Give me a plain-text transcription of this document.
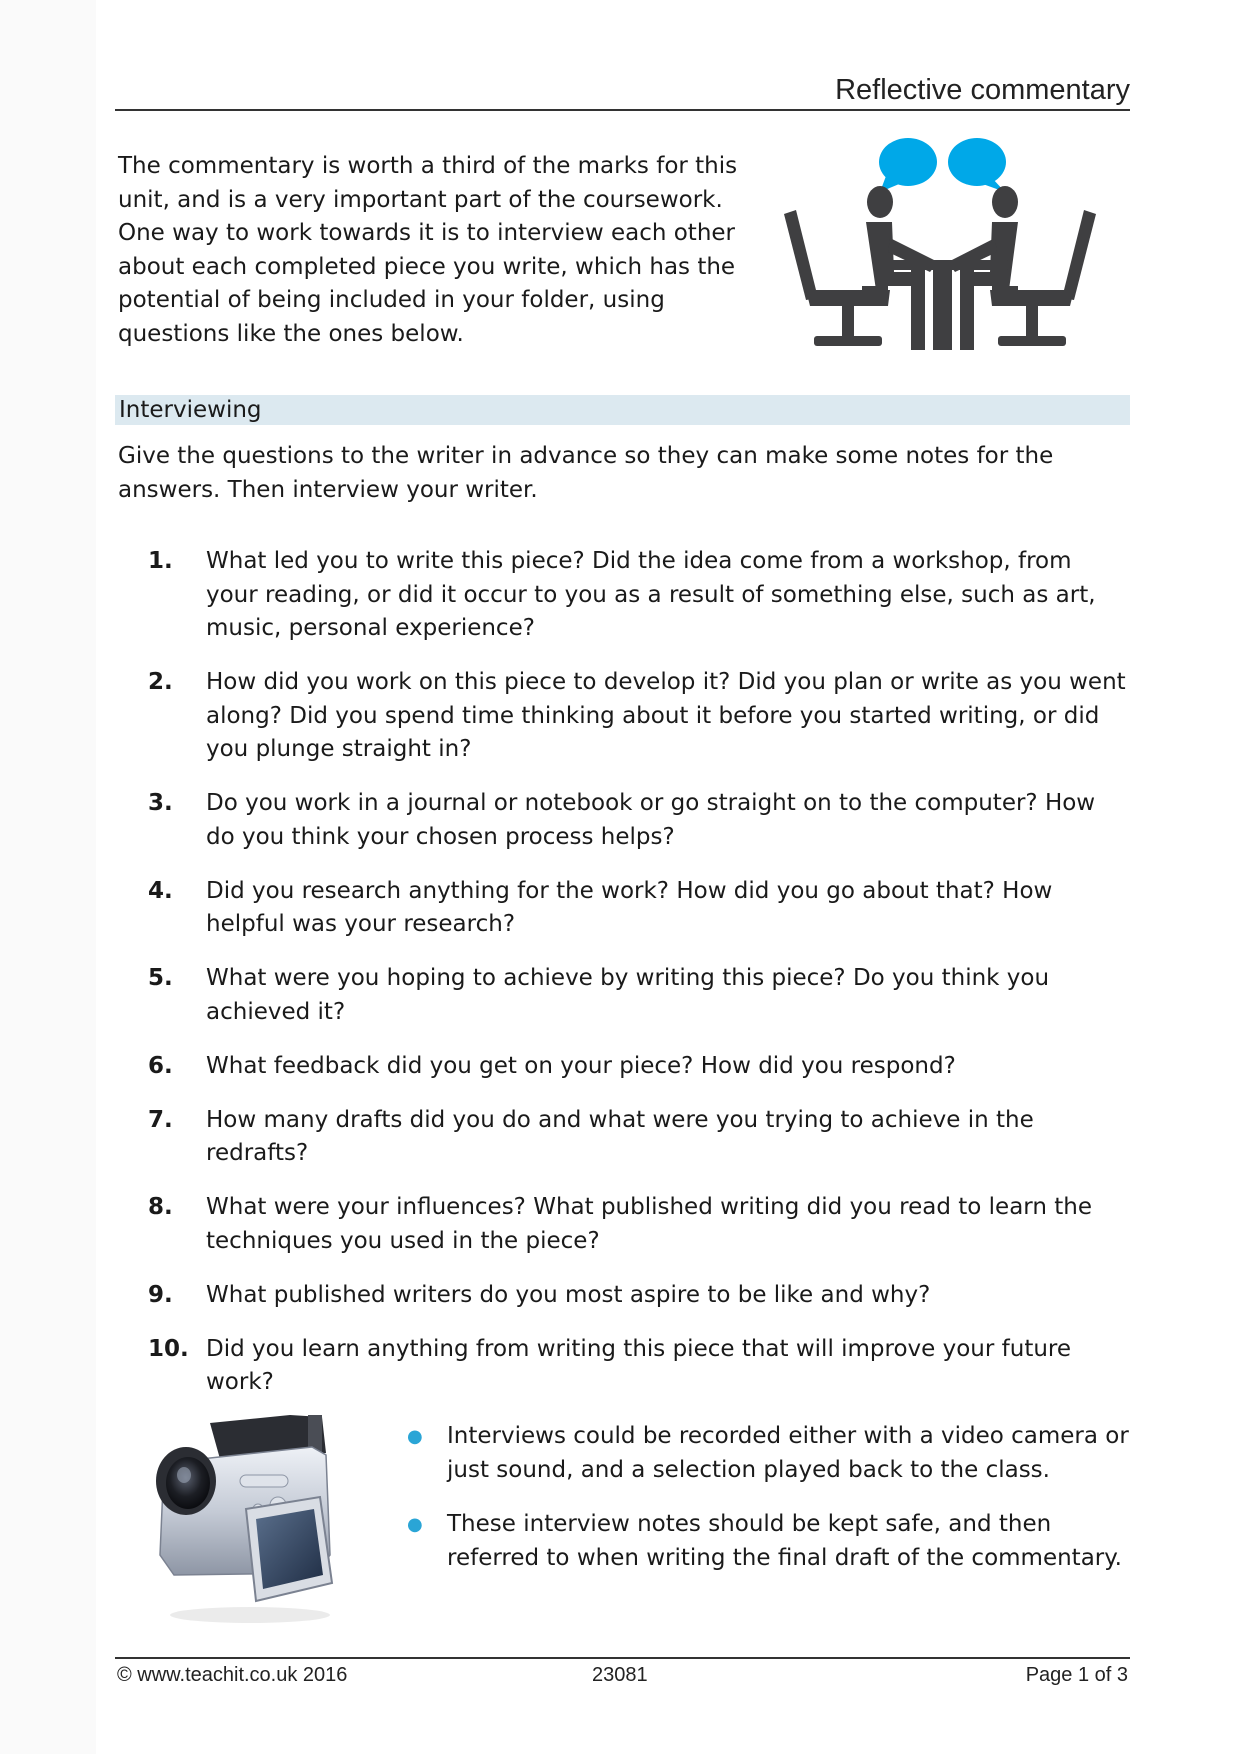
Reflective commentary
The commentary is worth a third of the marks for this unit, and is a very important part of the coursework. One way to work towards it is to interview each other about each completed piece you write, which has the potential of being included in your folder, using questions like the ones below.
Interviewing
Give the questions to the writer in advance so they can make some notes for the answers. Then interview your writer.
1.	What led you to write this piece? Did the idea come from a workshop, from your reading, or did it occur to you as a result of something else, such as art, music, personal experience?
2.	How did you work on this piece to develop it? Did you plan or write as you went along? Did you spend time thinking about it before you started writing, or did you plunge straight in?
3.	Do you work in a journal or notebook or go straight on to the computer? How do you think your chosen process helps?
4.	Did you research anything for the work? How did you go about that? How helpful was your research?
5.	What were you hoping to achieve by writing this piece? Do you think you achieved it?
6.	What feedback did you get on your piece? How did you respond?
7.	How many drafts did you do and what were you trying to achieve in the redrafts?
8.	What were your influences? What published writing did you read to learn the techniques you used in the piece?
9.	What published writers do you most aspire to be like and why?
10. Did you learn anything from writing this piece that will improve your future work?
●	Interviews could be recorded either with a video camera or just sound, and a selection played back to the class.
●	These interview notes should be kept safe, and then referred to when writing the final draft of the commentary.
© www.teachit.co.uk 2016	23081	Page 1 of 3
